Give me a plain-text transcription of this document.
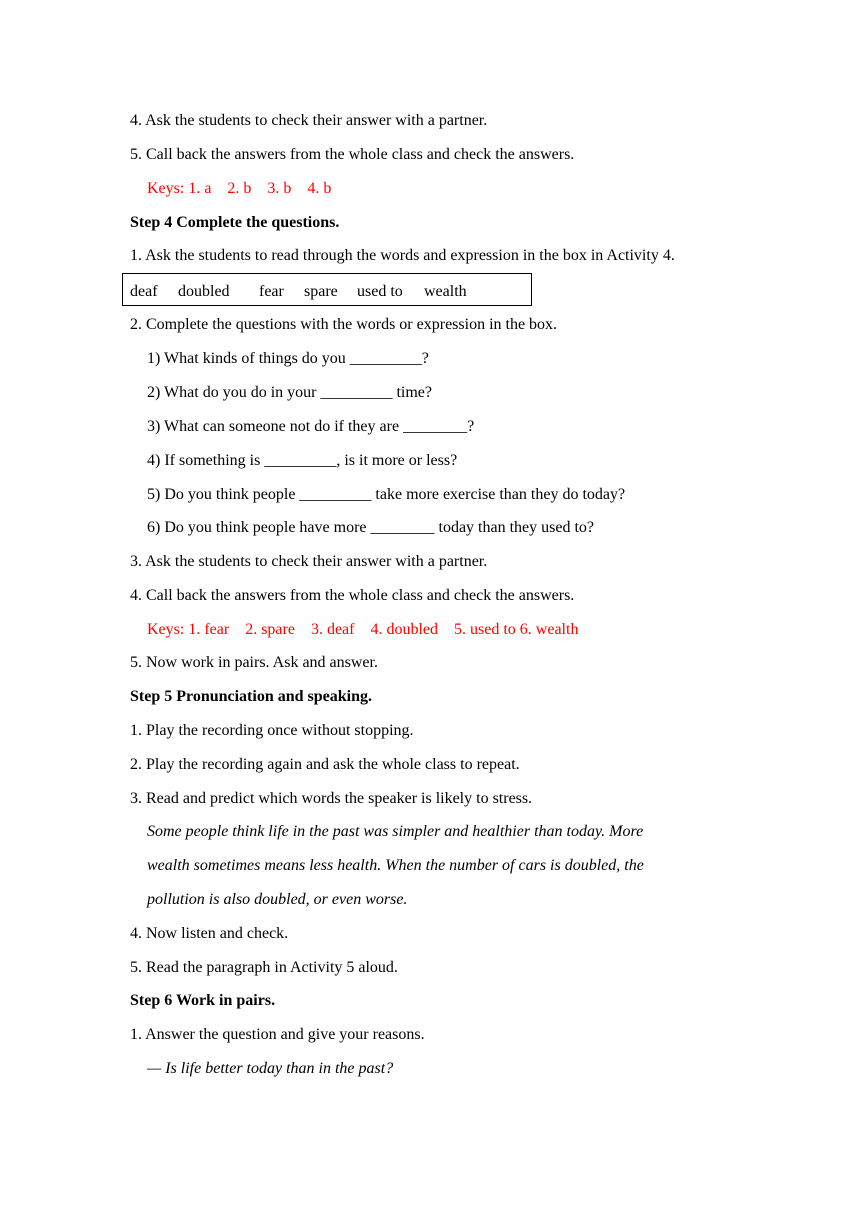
4. Ask the students to check their answer with a partner.
5. Call back the answers from the whole class and check the answers.
Keys: 1. a    2. b    3. b    4. b
Step 4 Complete the questions.
1. Ask the students to read through the words and expression in the box in Activity 4.
deaf doubled fear spare used to wealth
2. Complete the questions with the words or expression in the box.
1) What kinds of things do you _________?
2) What do you do in your _________ time?
3) What can someone not do if they are ________?
4) If something is _________, is it more or less?
5) Do you think people _________ take more exercise than they do today?
6) Do you think people have more ________ today than they used to?
3. Ask the students to check their answer with a partner.
4. Call back the answers from the whole class and check the answers.
Keys: 1. fear    2. spare    3. deaf    4. doubled    5. used to 6. wealth
5. Now work in pairs. Ask and answer.
Step 5 Pronunciation and speaking.
1. Play the recording once without stopping.
2. Play the recording again and ask the whole class to repeat.
3. Read and predict which words the speaker is likely to stress.
Some people think life in the past was simpler and healthier than today. More
wealth sometimes means less health. When the number of cars is doubled, the
pollution is also doubled, or even worse.
4. Now listen and check.
5. Read the paragraph in Activity 5 aloud.
Step 6 Work in pairs.
1. Answer the question and give your reasons.
— Is life better today than in the past?
